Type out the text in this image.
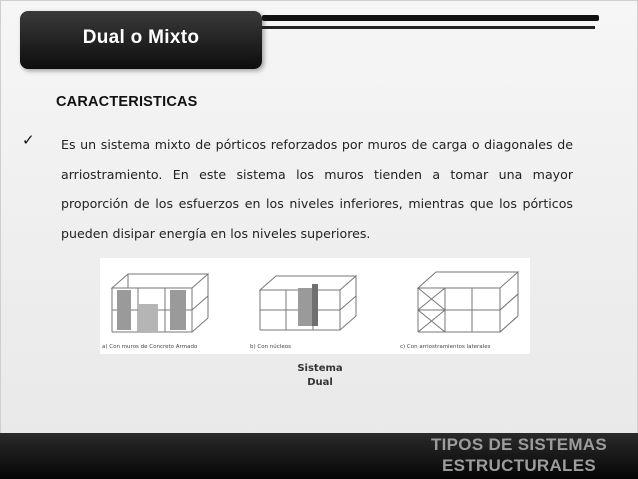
Dual o Mixto
CARACTERISTICAS
✓ Es un sistema mixto de pórticos reforzados por muros de carga o diagonales de arriostramiento. En este sistema los muros tienden a tomar una mayor proporción de los esfuerzos en los niveles inferiores, mientras que los pórticos pueden disipar energía en los niveles superiores.
a) Con muros de Concreto Armado	b) Con núcleos	c) Con arriostramientos laterales
Sistema
Dual
TIPOS DE SISTEMAS
ESTRUCTURALES
